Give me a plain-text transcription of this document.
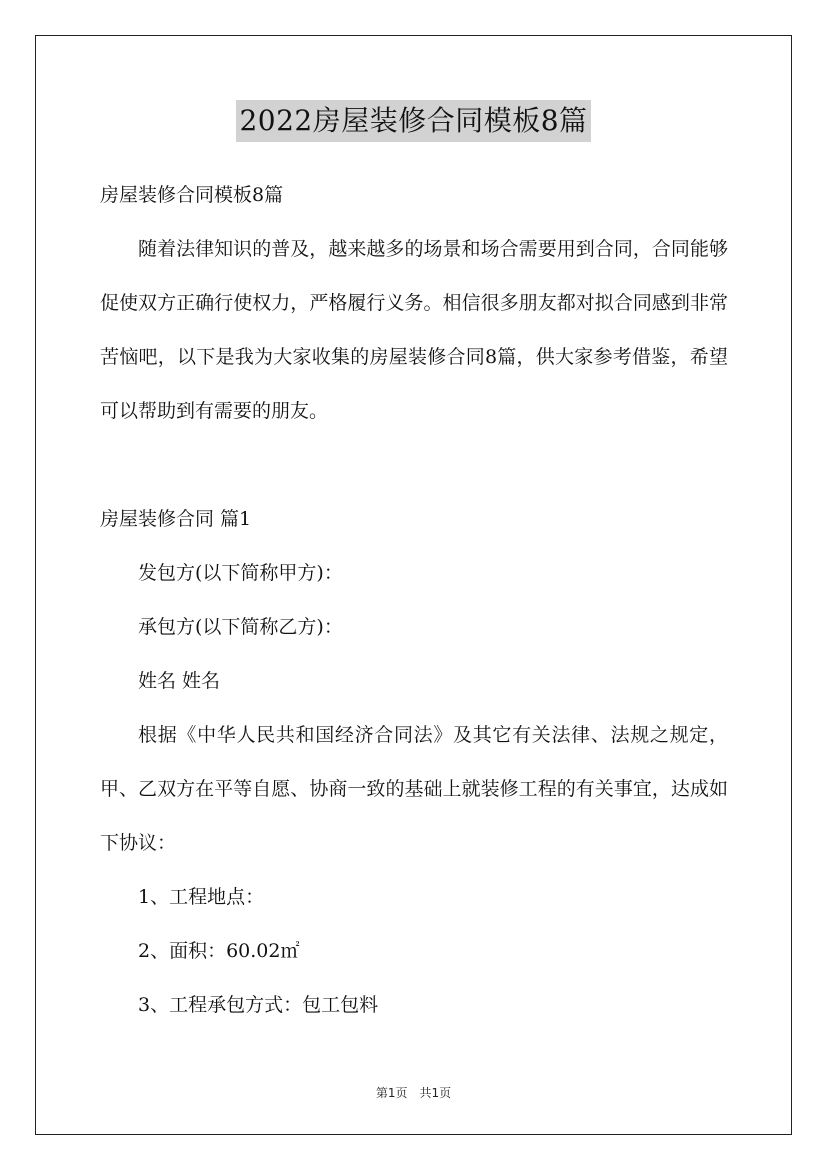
2022房屋装修合同模板8篇
房屋装修合同模板8篇

随着法律知识的普及，越来越多的场景和场合需要用到合同，合同能够促使双方正确行使权力，严格履行义务。相信很多朋友都对拟合同感到非常苦恼吧，以下是我为大家收集的房屋装修合同8篇，供大家参考借鉴，希望可以帮助到有需要的朋友。

房屋装修合同 篇1
发包方(以下简称甲方)：
承包方(以下简称乙方)：
姓名 姓名

根据《中华人民共和国经济合同法》及其它有关法律、法规之规定，甲、乙双方在平等自愿、协商一致的基础上就装修工程的有关事宜，达成如下协议：

1、工程地点：
2、面积：60.02㎡
3、工程承包方式：包工包料
第1页　共1页
